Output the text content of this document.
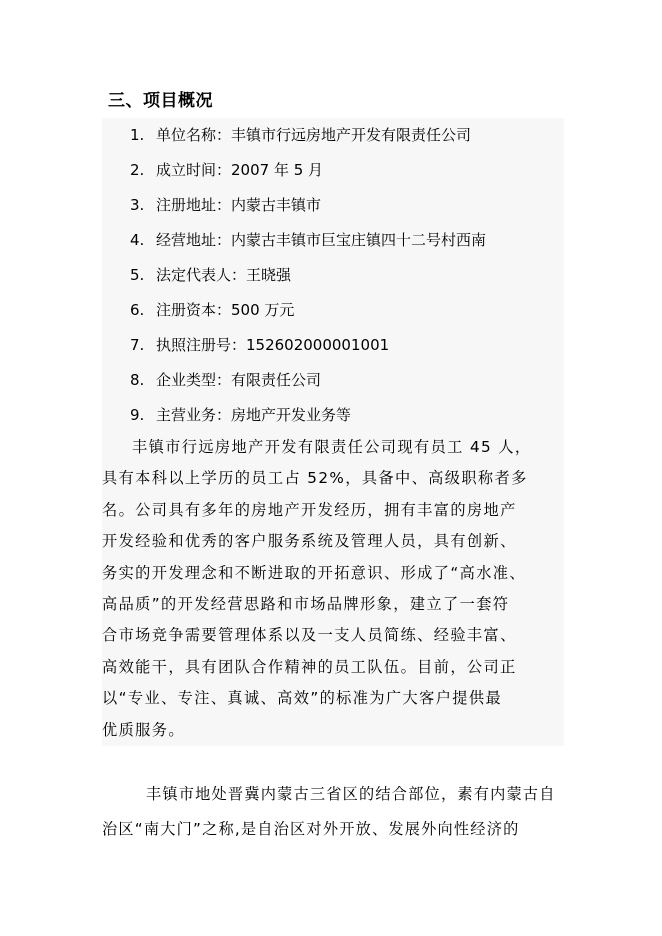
三、项目概况
1. 单位名称：丰镇市行远房地产开发有限责任公司
2. 成立时间：2007 年 5 月
3. 注册地址：内蒙古丰镇市
4. 经营地址：内蒙古丰镇市巨宝庄镇四十二号村西南
5. 法定代表人：王晓强
6. 注册资本：500 万元
7. 执照注册号：152602000001001
8. 企业类型：有限责任公司
9. 主营业务：房地产开发业务等

丰镇市行远房地产开发有限责任公司现有员工 45 人，
具有本科以上学历的员工占 52%，具备中、高级职称者多
名。公司具有多年的房地产开发经历，拥有丰富的房地产
开发经验和优秀的客户服务系统及管理人员，具有创新、
务实的开发理念和不断进取的开拓意识、形成了“高水准、
高品质”的开发经营思路和市场品牌形象，建立了一套符
合市场竞争需要管理体系以及一支人员简练、经验丰富、
高效能干，具有团队合作精神的员工队伍。目前，公司正
以“专业、专注、真诚、高效”的标准为广大客户提供最
优质服务。

丰镇市地处晋冀内蒙古三省区的结合部位，素有内蒙古自
治区“南大门”之称,是自治区对外开放、发展外向性经济的
